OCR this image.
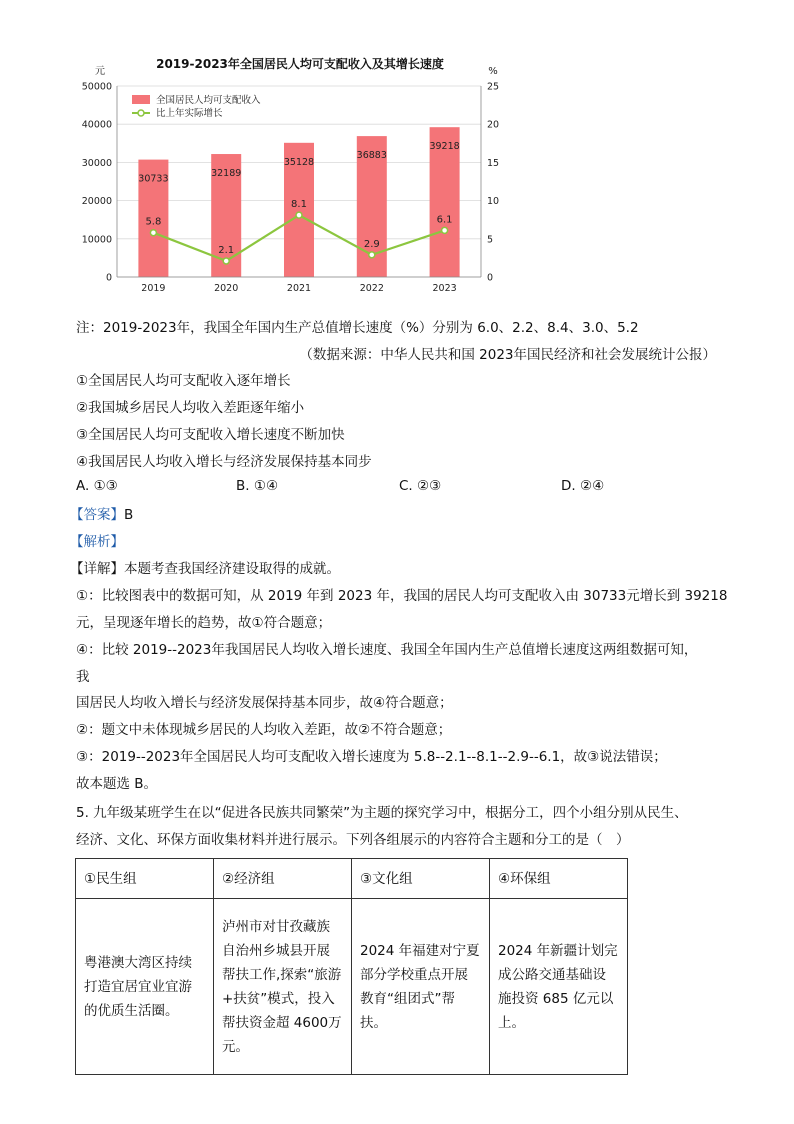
2019-2023年全国居民人均可支配收入及其增长速度
元	%
30733
32189
35128
36883
39218
5.8
2.1
8.1
2.9
6.1
0
10000
20000
30000
40000
50000
0
5
10
15
20
25
2019	2020	2021	2022	2023
全国居民人均可支配收入
比上年实际增长
注：2019-2023年，我国全年国内生产总值增长速度（%）分别为 6.0、2.2、8.4、3.0、5.2
（数据来源：中华人民共和国 2023年国民经济和社会发展统计公报）
①全国居民人均可支配收入逐年增长
②我国城乡居民人均收入差距逐年缩小
③全国居民人均可支配收入增长速度不断加快
④我国居民人均收入增长与经济发展保持基本同步
A. ①③	B. ①④	C. ②③	D. ②④
【答案】B
【解析】
【详解】本题考查我国经济建设取得的成就。
①：比较图表中的数据可知，从 2019 年到 2023 年，我国的居民人均可支配收入由 30733元增长到 39218
元，呈现逐年增长的趋势，故①符合题意；
④：比较 2019--2023年我国居民人均收入增长速度、我国全年国内生产总值增长速度这两组数据可知，
我
国居民人均收入增长与经济发展保持基本同步，故④符合题意；
②：题文中未体现城乡居民的人均收入差距，故②不符合题意；
③：2019--2023年全国居民人均可支配收入增长速度为 5.8--2.1--8.1--2.9--6.1，故③说法错误；
故本题选 B。
5. 九年级某班学生在以“促进各民族共同繁荣”为主题的探究学习中，根据分工，四个小组分别从民生、
经济、文化、环保方面收集材料并进行展示。下列各组展示的内容符合主题和分工的是（　）
①民生组	②经济组	③文化组	④环保组
粤港澳大湾区持续打造宜居宜业宜游的优质生活圈。	泸州市对甘孜藏族自治州乡城县开展帮扶工作,探索“旅游+扶贫”模式，投入帮扶资金超 4600万元。	2024 年福建对宁夏部分学校重点开展教育“组团式”帮扶。	2024 年新疆计划完成公路交通基础设施投资 685 亿元以上。
